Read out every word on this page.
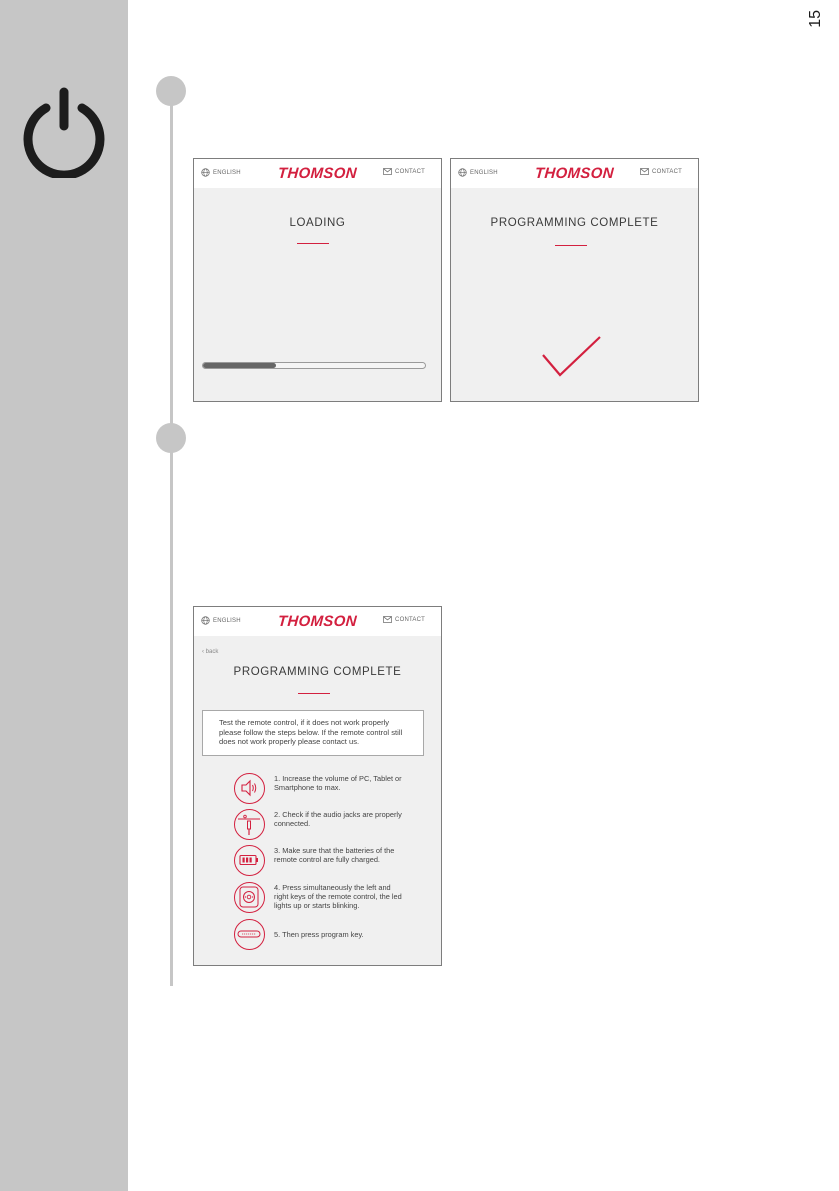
15
ENGLISH	THOMSON	CONTACT
LOADING
ENGLISH	THOMSON	CONTACT
PROGRAMMING COMPLETE
ENGLISH	THOMSON	CONTACT
‹ back
PROGRAMMING COMPLETE
Test the remote control, if it does not work properly please follow the steps below. If the remote control still does not work properly please contact us.
1. Increase the volume of PC, Tablet or Smartphone to max.
2. Check if the audio jacks are properly connected.
3. Make sure that the batteries of the remote control are fully charged.
4. Press simultaneously the left and right keys of the remote control, the led lights up or starts blinking.
5. Then press program key.
